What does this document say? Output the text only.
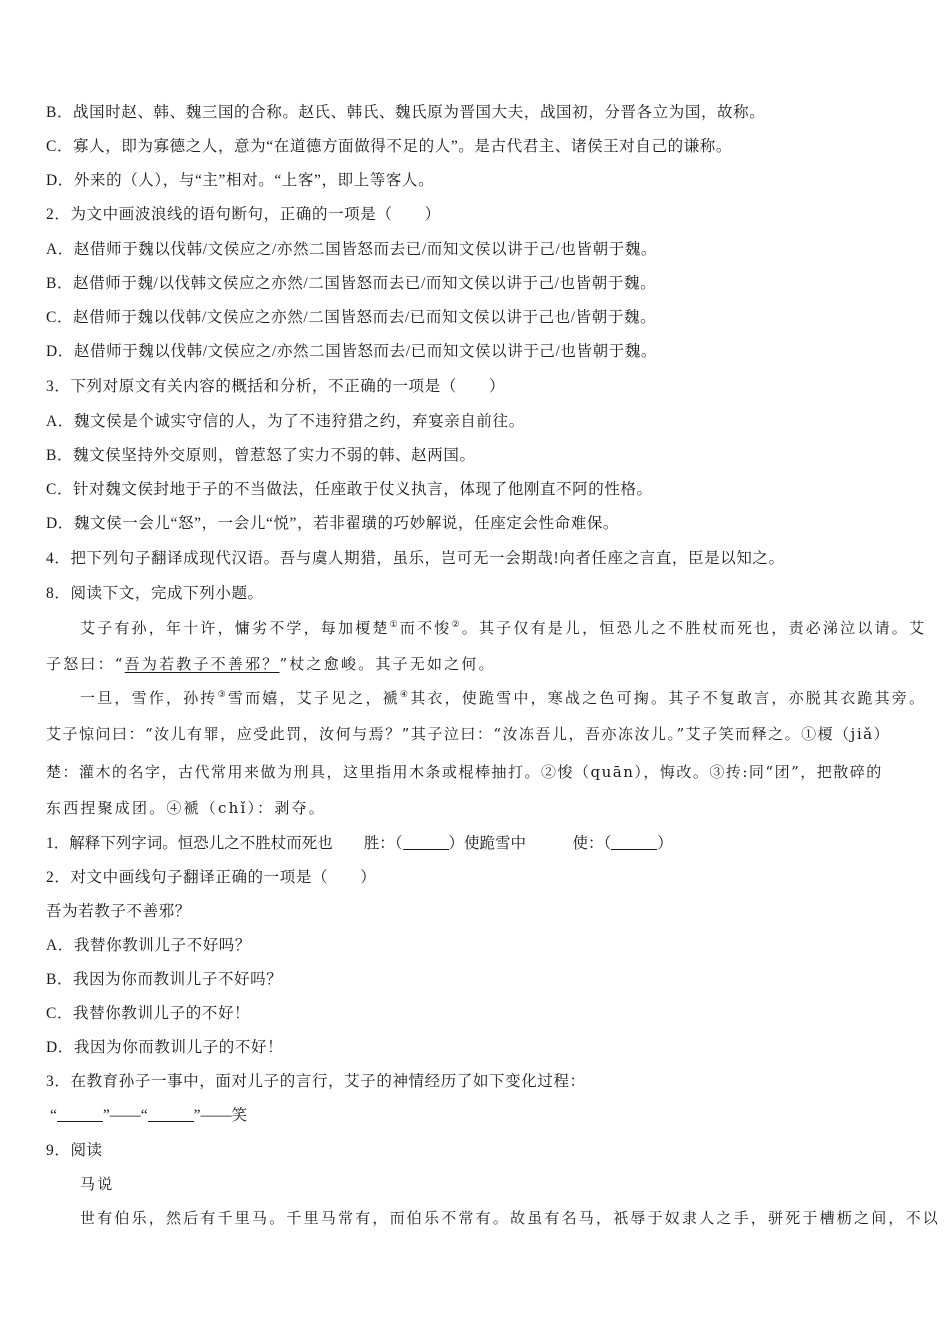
B．战国时赵、韩、魏三国的合称。赵氏、韩氏、魏氏原为晋国大夫，战国初，分晋各立为国，故称。
C．寡人，即为寡德之人，意为“在道德方面做得不足的人”。是古代君主、诸侯王对自己的谦称。
D．外来的（人），与“主”相对。“上客”，即上等客人。
2．为文中画波浪线的语句断句，正确的一项是（　　）
A．赵借师于魏以伐韩/文侯应之/亦然二国皆怒而去已/而知文侯以讲于己/也皆朝于魏。
B．赵借师于魏/以伐韩文侯应之亦然/二国皆怒而去已/而知文侯以讲于己/也皆朝于魏。
C．赵借师于魏以伐韩/文侯应之亦然/二国皆怒而去/已而知文侯以讲于己也/皆朝于魏。
D．赵借师于魏以伐韩/文侯应之/亦然二国皆怒而去/已而知文侯以讲于己/也皆朝于魏。
3．下列对原文有关内容的概括和分析，不正确的一项是（　　）
A．魏文侯是个诚实守信的人，为了不违狩猎之约，弃宴亲自前往。
B．魏文侯坚持外交原则，曾惹怒了实力不弱的韩、赵两国。
C．针对魏文侯封地于子的不当做法，任座敢于仗义执言，体现了他刚直不阿的性格。
D．魏文侯一会儿“怒”，一会儿“悦”，若非翟璜的巧妙解说，任座定会性命难保。
4．把下列句子翻译成现代汉语。吾与虞人期猎，虽乐，岂可无一会期哉!向者任座之言直，臣是以知之。
8．阅读下文，完成下列小题。
艾子有孙，年十许，慵劣不学，每加榎楚①而不悛②。其子仅有是儿，恒恐儿之不胜杖而死也，责必涕泣以请。艾
子怒曰：“吾为若教子不善邪？”杖之愈峻。其子无如之何。
一旦，雪作，孙抟③雪而嬉，艾子见之，褫④其衣，使跪雪中，寒战之色可掬。其子不复敢言，亦脱其衣跪其旁。
艾子惊问曰：“汝儿有罪，应受此罚，汝何与焉？”其子泣曰：“汝冻吾儿，吾亦冻汝儿。”艾子笑而释之。①榎（jiǎ）
楚：灌木的名字，古代常用来做为刑具，这里指用木条或棍棒抽打。②悛（quān），悔改。③抟:同“团”，把散碎的
东西捏聚成团。④褫（chǐ）：剥夺。
1．解释下列字词。恒恐儿之不胜杖而死也　　胜：（	）使跪雪中　　　使：（	）
2．对文中画线句子翻译正确的一项是（　　）
吾为若教子不善邪？
A．我替你教训儿子不好吗？
B．我因为你而教训儿子不好吗？
C．我替你教训儿子的不好！
D．我因为你而教训儿子的不好！
3．在教育孙子一事中，面对儿子的言行，艾子的神情经历了如下变化过程：
“	”——“	”——笑
9．阅读
马说
世有伯乐，然后有千里马。千里马常有，而伯乐不常有。故虽有名马，祇辱于奴隶人之手，骈死于槽枥之间，不以
